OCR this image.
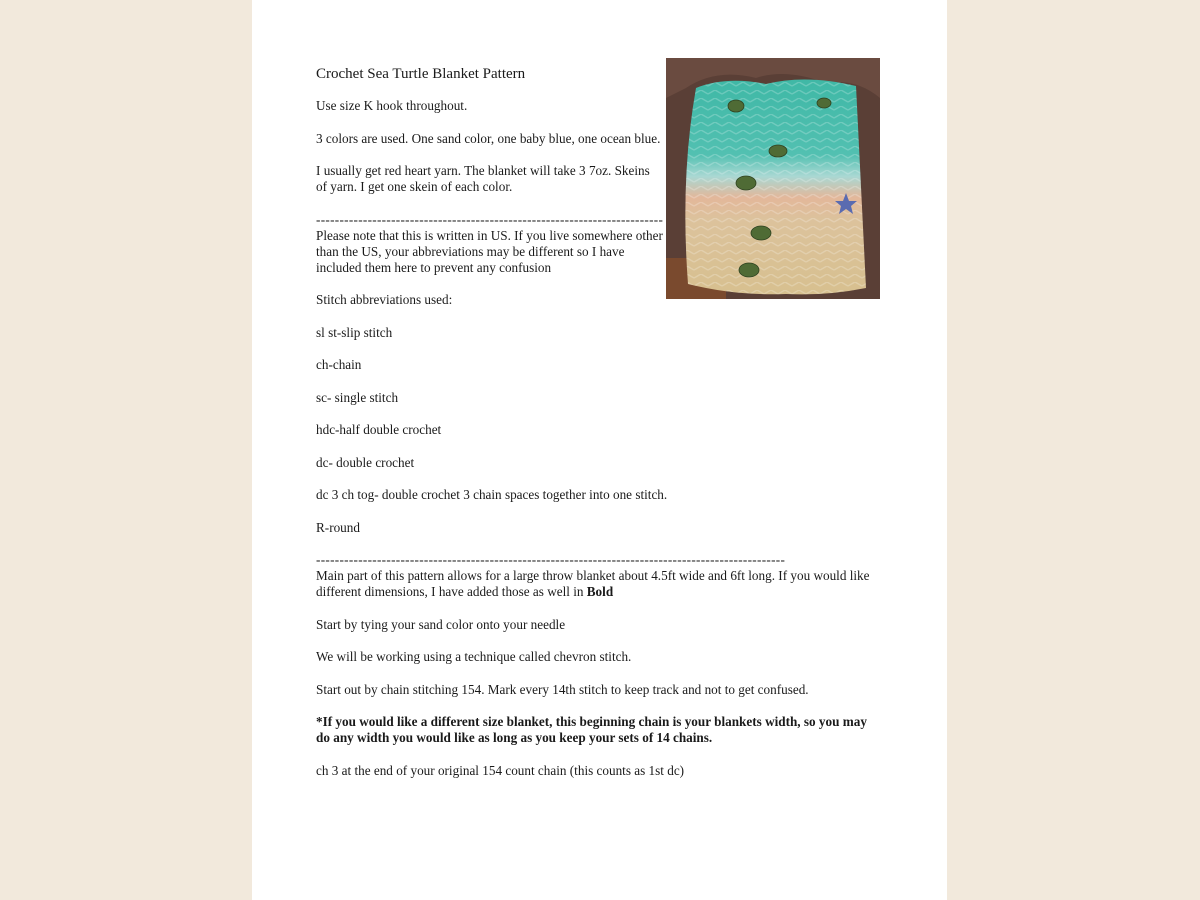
Crochet Sea Turtle Blanket Pattern

Use size K hook throughout.

3 colors are used. One sand color, one baby blue, one ocean blue.

I usually get red heart yarn. The blanket will take 3 7oz. Skeins of yarn. I get one skein of each color.

--------------------------------------------------------------------------

Please note that this is written in US. If you live somewhere other than the US, your abbreviations may be different so I have included them here to prevent any confusion

Stitch abbreviations used:

sl st-slip stitch

ch-chain

sc- single stitch

hdc-half double crochet

dc- double crochet

dc 3 ch tog- double crochet 3 chain spaces together into one stitch.

R-round

----------------------------------------------------------------------------------------------------

Main part of this pattern allows for a large throw blanket about 4.5ft wide and 6ft long. If you would like different dimensions, I have added those as well in Bold

Start by tying your sand color onto your needle

We will be working using a technique called chevron stitch.

Start out by chain stitching 154. Mark every 14th stitch to keep track and not to get confused.

*If you would like a different size blanket, this beginning chain is your blankets width, so you may do any width you would like as long as you keep your sets of 14 chains.

ch 3 at the end of your original 154 count chain (this counts as 1st dc)
